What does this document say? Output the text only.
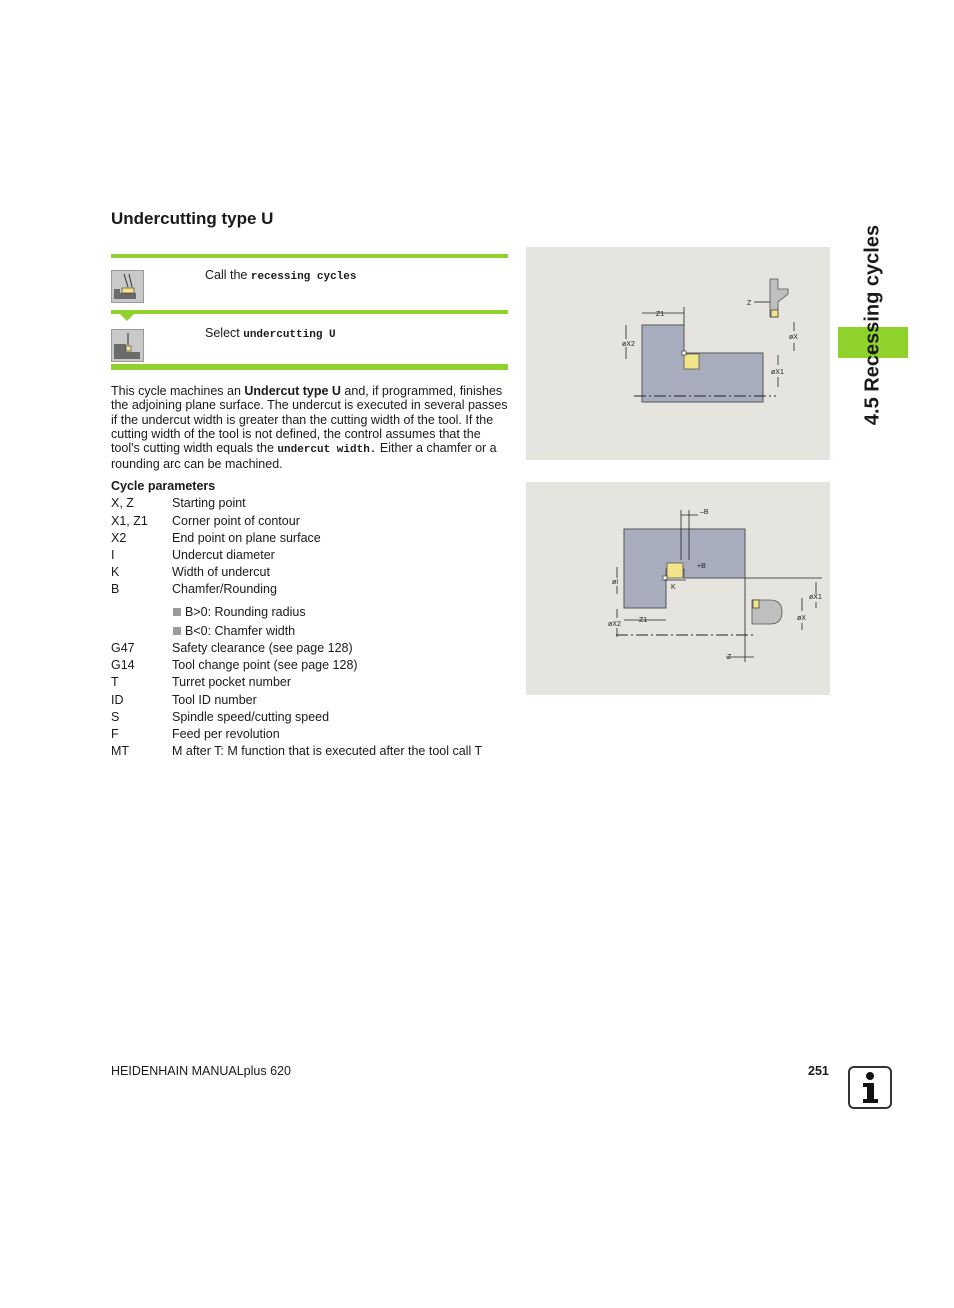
Undercutting type U
Call the recessing cycles
Select undercutting U

This cycle machines an Undercut type U and, if programmed, finishes the adjoining plane surface. The undercut is executed in several passes if the undercut width is greater than the cutting width of the tool. If the cutting width of the tool is not defined, the control assumes that the tool's cutting width equals the undercut width. Either a chamfer or a rounding arc can be machined.

Cycle parameters
X, Z	Starting point
X1, Z1 Corner point of contour
X2	End point on plane surface
I	Undercut diameter
K	Width of undercut
B	Chamfer/Rounding
B>0: Rounding radius
B<0: Chamfer width
G47	Safety clearance (see page 128)
G14	Tool change point (see page 128)
T	Turret pocket number
ID	Tool ID number
S	Spindle speed/cutting speed
F	Feed per revolution
MT	M after T: M function that is executed after the tool call T
Z1
Z
øX
øX2
øX1
–B
+B
øI
K
øX1
øX
øX2
Z1
Z
4.5 Recessing cycles
HEIDENHAIN MANUALplus 620	251
